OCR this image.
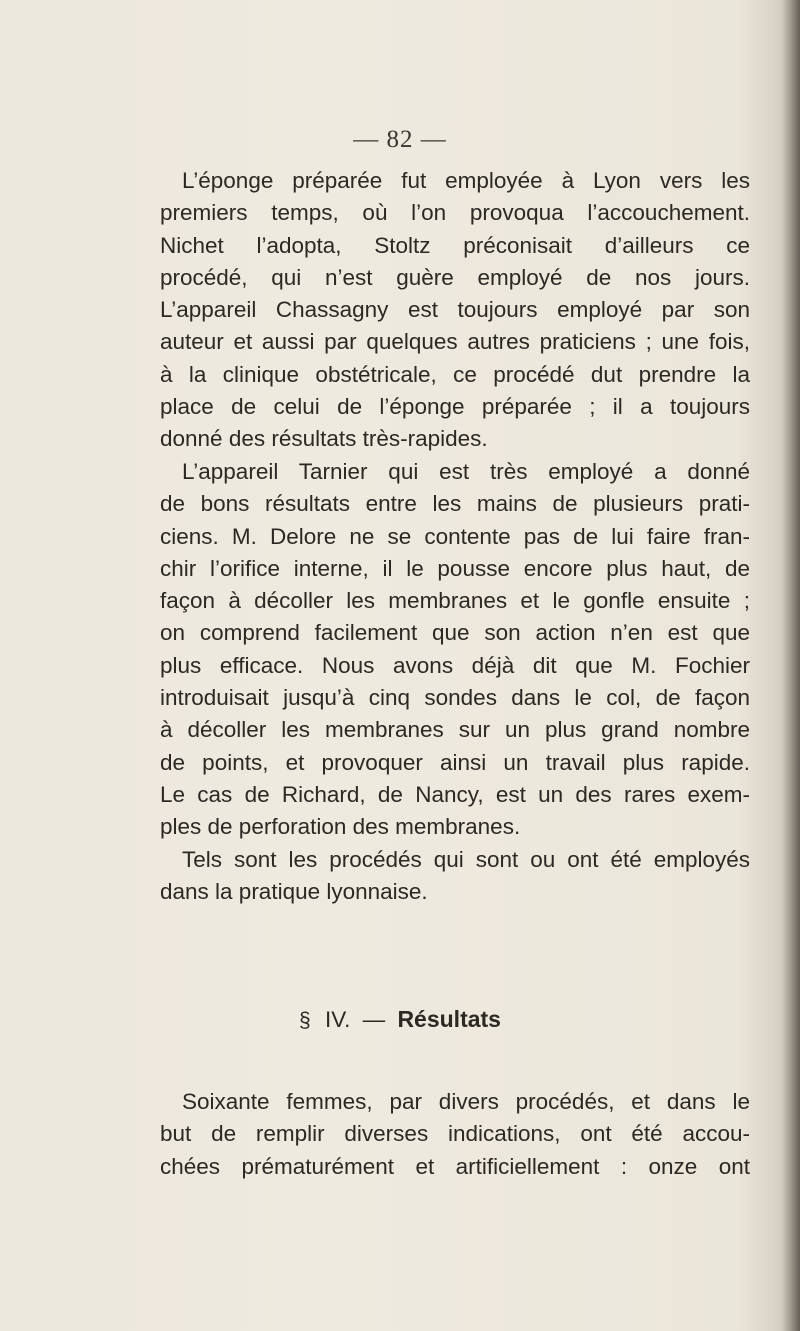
— 82 —
L’éponge préparée fut employée à Lyon vers les
premiers temps, où l’on provoqua l’accouchement.
Nichet l’adopta, Stoltz préconisait d’ailleurs ce
procédé, qui n’est guère employé de nos jours.
L’appareil Chassagny est toujours employé par son
auteur et aussi par quelques autres praticiens ; une fois,
à la clinique obstétricale, ce procédé dut prendre la
place de celui de l’éponge préparée ; il a toujours
donné des résultats très-rapides.
L’appareil Tarnier qui est très employé a donné
de bons résultats entre les mains de plusieurs prati-
ciens. M. Delore ne se contente pas de lui faire fran-
chir l’orifice interne, il le pousse encore plus haut, de
façon à décoller les membranes et le gonfle ensuite ;
on comprend facilement que son action n’en est que
plus efficace. Nous avons déjà dit que M. Fochier
introduisait jusqu’à cinq sondes dans le col, de façon
à décoller les membranes sur un plus grand nombre
de points, et provoquer ainsi un travail plus rapide.
Le cas de Richard, de Nancy, est un des rares exem-
ples de perforation des membranes.
Tels sont les procédés qui sont ou ont été employés
dans la pratique lyonnaise.
§ IV. — Résultats
Soixante femmes, par divers procédés, et dans le
but de remplir diverses indications, ont été accou-
chées prématurément et artificiellement : onze ont
